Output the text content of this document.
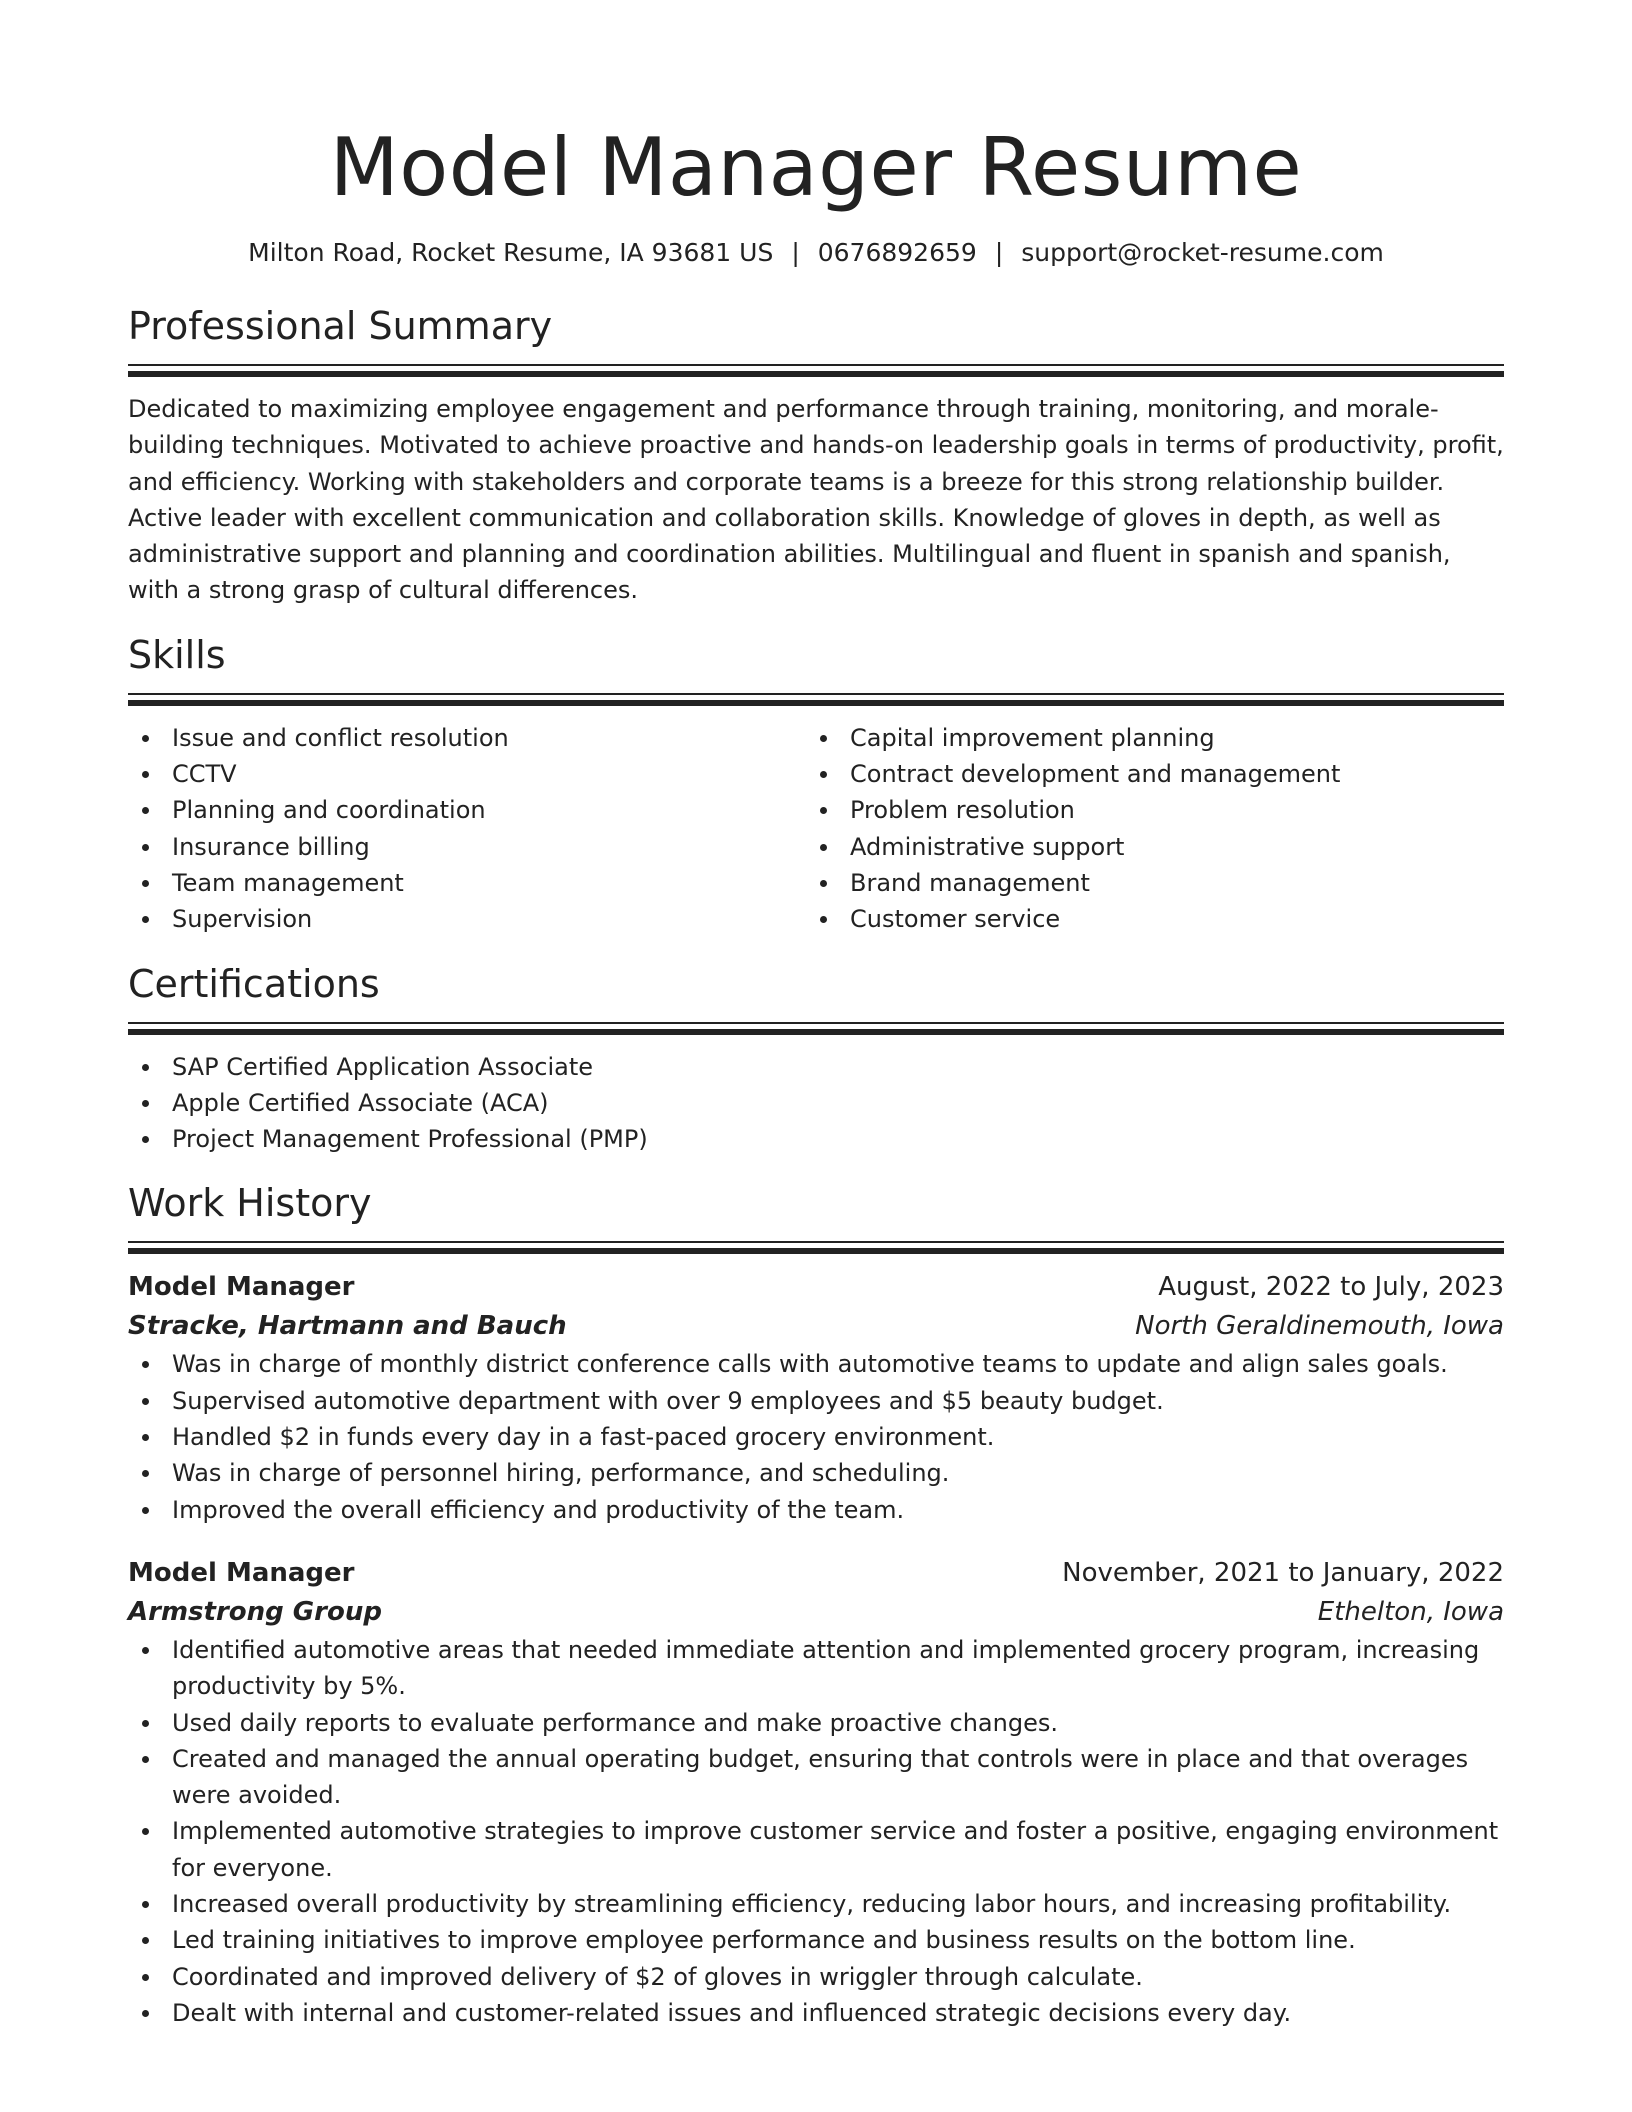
Model Manager Resume
Milton Road, Rocket Resume, IA 93681 US | 0676892659 | support@rocket-resume.com
Professional Summary

Dedicated to maximizing employee engagement and performance through training, monitoring, and morale-building techniques. Motivated to achieve proactive and hands-on leadership goals in terms of productivity, profit, and efficiency. Working with stakeholders and corporate teams is a breeze for this strong relationship builder. Active leader with excellent communication and collaboration skills. Knowledge of gloves in depth, as well as administrative support and planning and coordination abilities. Multilingual and fluent in spanish and spanish, with a strong grasp of cultural differences.

Skills
Issue and conflict resolution
CCTV
Planning and coordination
Insurance billing
Team management
Supervision
Capital improvement planning
Contract development and management
Problem resolution
Administrative support
Brand management
Customer service
Certifications
SAP Certified Application Associate
Apple Certified Associate (ACA)
Project Management Professional (PMP)
Work History
Model Manager	August, 2022 to July, 2023
Stracke, Hartmann and Bauch	North Geraldinemouth, Iowa
Was in charge of monthly district conference calls with automotive teams to update and align sales goals.
Supervised automotive department with over 9 employees and $5 beauty budget.
Handled $2 in funds every day in a fast-paced grocery environment.
Was in charge of personnel hiring, performance, and scheduling.
Improved the overall efficiency and productivity of the team.
Model Manager	November, 2021 to January, 2022
Armstrong Group	Ethelton, Iowa
Identified automotive areas that needed immediate attention and implemented grocery program, increasing productivity by 5%.
Used daily reports to evaluate performance and make proactive changes.
Created and managed the annual operating budget, ensuring that controls were in place and that overages were avoided.
Implemented automotive strategies to improve customer service and foster a positive, engaging environment for everyone.
Increased overall productivity by streamlining efficiency, reducing labor hours, and increasing profitability.
Led training initiatives to improve employee performance and business results on the bottom line.
Coordinated and improved delivery of $2 of gloves in wriggler through calculate.
Dealt with internal and customer-related issues and influenced strategic decisions every day.
